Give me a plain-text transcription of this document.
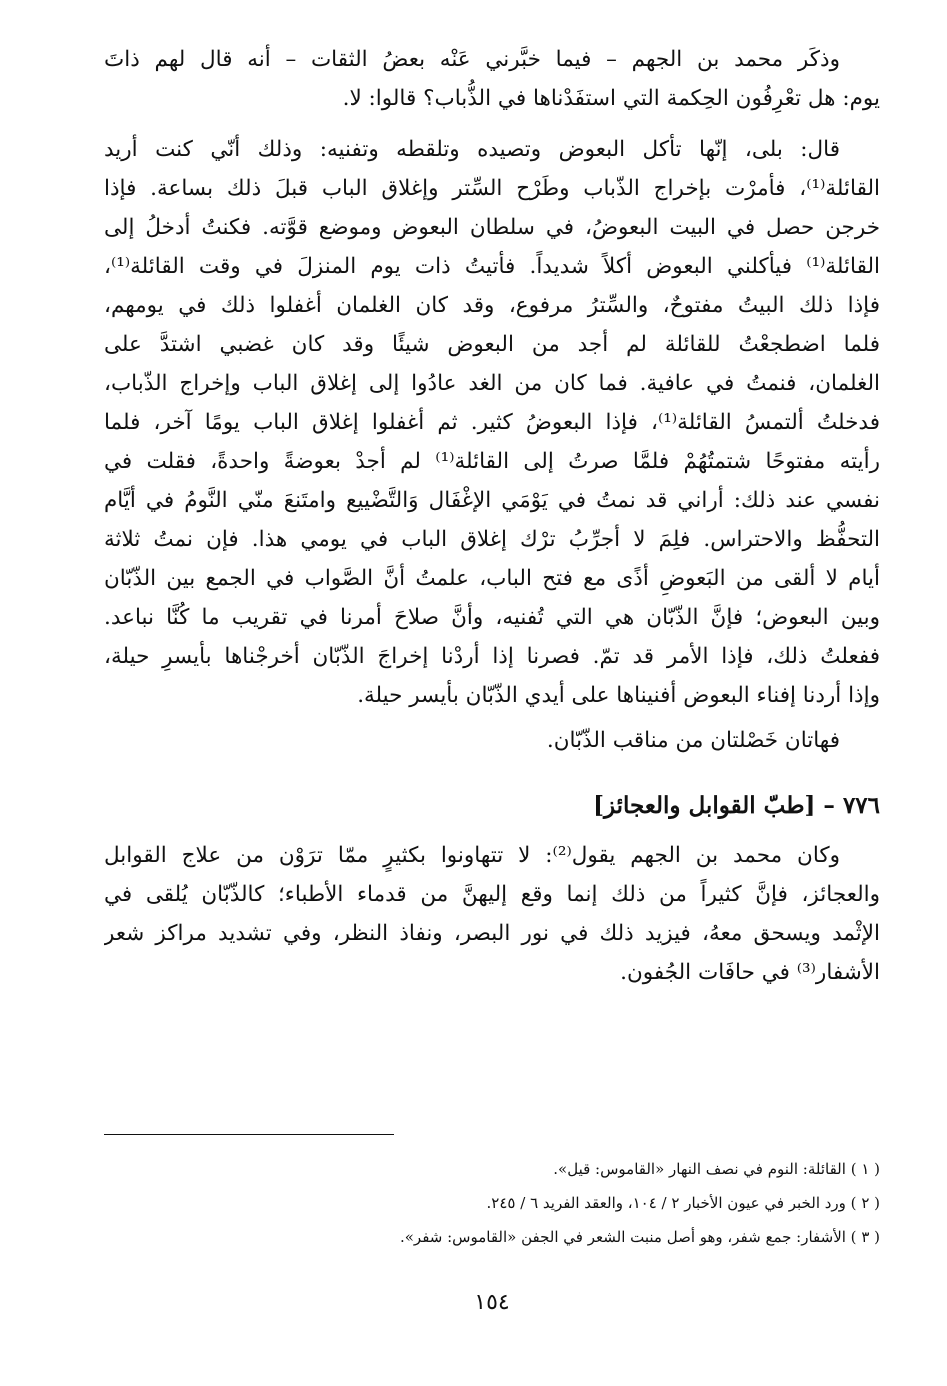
وذكَر محمد بن الجهم – فيما خبَّرني عَنْه بعضُ الثقات – أنه قال لهم ذاتَ
يوم: هل تعْرِفُون الحِكمة التي استفَدْناها في الذُّباب؟ قالوا: لا.
قال: بلى، إنّها تأكل البعوض وتصيده وتلقطه وتفنيه: وذلك أنّي كنت أريد
القائلة⁽¹⁾، فأمرْت بإخراج الذّباب وطَرْح السِّتر وإغلاق الباب قبلَ ذلك بساعة. فإذا
خرجن حصل في البيت البعوضُ، في سلطان البعوض وموضع قوَّته. فكنتُ أدخلُ إلى
القائلة⁽¹⁾ فيأكلني البعوض أكلاً شديداً. فأتيتُ ذات يوم المنزلَ في وقت القائلة⁽¹⁾،
فإذا ذلك البيتُ مفتوحٌ، والسِّترُ مرفوع، وقد كان الغلمان أغفلوا ذلك في يومهم،
فلما اضطجعْتُ للقائلة لم أجد من البعوض شيئًا وقد كان غضبي اشتدَّ على
الغلمان، فنمتُ في عافية. فما كان من الغد عادُوا إلى إغلاق الباب وإخراج الذّباب،
فدخلتُ ألتمسُ القائلة⁽¹⁾، فإذا البعوضُ كثير. ثم أغفلوا إغلاق الباب يومًا آخر، فلما
رأيته مفتوحًا شتمتُهُمْ فلمَّا صرتُ إلى القائلة⁽¹⁾ لم أجدْ بعوضةً واحدةً، فقلت في
نفسي عند ذلك: أراني قد نمتُ في يَوْمَي الإغْفَال وَالتَّضْييع وامتَنعَ منّي النَّومُ في أيَّام
التحفُّظ والاحتراس. فلِمَ لا أجرِّبُ ترْك إغلاق الباب في يومي هذا. فإن نمتُ ثلاثة
أيام لا ألقى من البَعوضِ أذًى مع فتح الباب، علمتُ أنَّ الصَّواب في الجمع بين الذّبّان
وبين البعوض؛ فإنَّ الذّبّان هي التي تُفنيه، وأنَّ صلاحَ أمرنا في تقريب ما كُنَّا نباعد.
ففعلتُ ذلك، فإذا الأمر قد تمّ. فصرنا إذا أردْنا إخراجَ الذّبّان أخرجْناها بأيسرِ حيلة،
وإذا أردنا إفناء البعوض أفنيناها على أيدي الذّبّان بأيسر حيلة.

فهاتان خَصْلتان من مناقب الذّبّان.

٧٧٦ – [طبّ القوابل والعجائز]
وكان محمد بن الجهم يقول⁽²⁾: لا تتهاونوا بكثيرٍ ممّا ترَوْن من علاج القوابل
والعجائز، فإنَّ كثيراً من ذلك إنما وقع إليهنَّ من قدماء الأطباء؛ كالذّبّان يُلقى في
الإثْمد ويسحق معهُ، فيزيد ذلك في نور البصر، ونفاذ النظر، وفي تشديد مراكز شعر
الأشفار⁽³⁾ في حافَات الجُفون.
( ١ ) القائلة: النوم في نصف النهار «القاموس: قيل».
( ٢ ) ورد الخبر في عيون الأخبار ٢ / ١٠٤، والعقد الفريد ٦ / ٢٤٥.
( ٣ ) الأشفار: جمع شفر، وهو أصل منبت الشعر في الجفن «القاموس: شفر».
١٥٤
